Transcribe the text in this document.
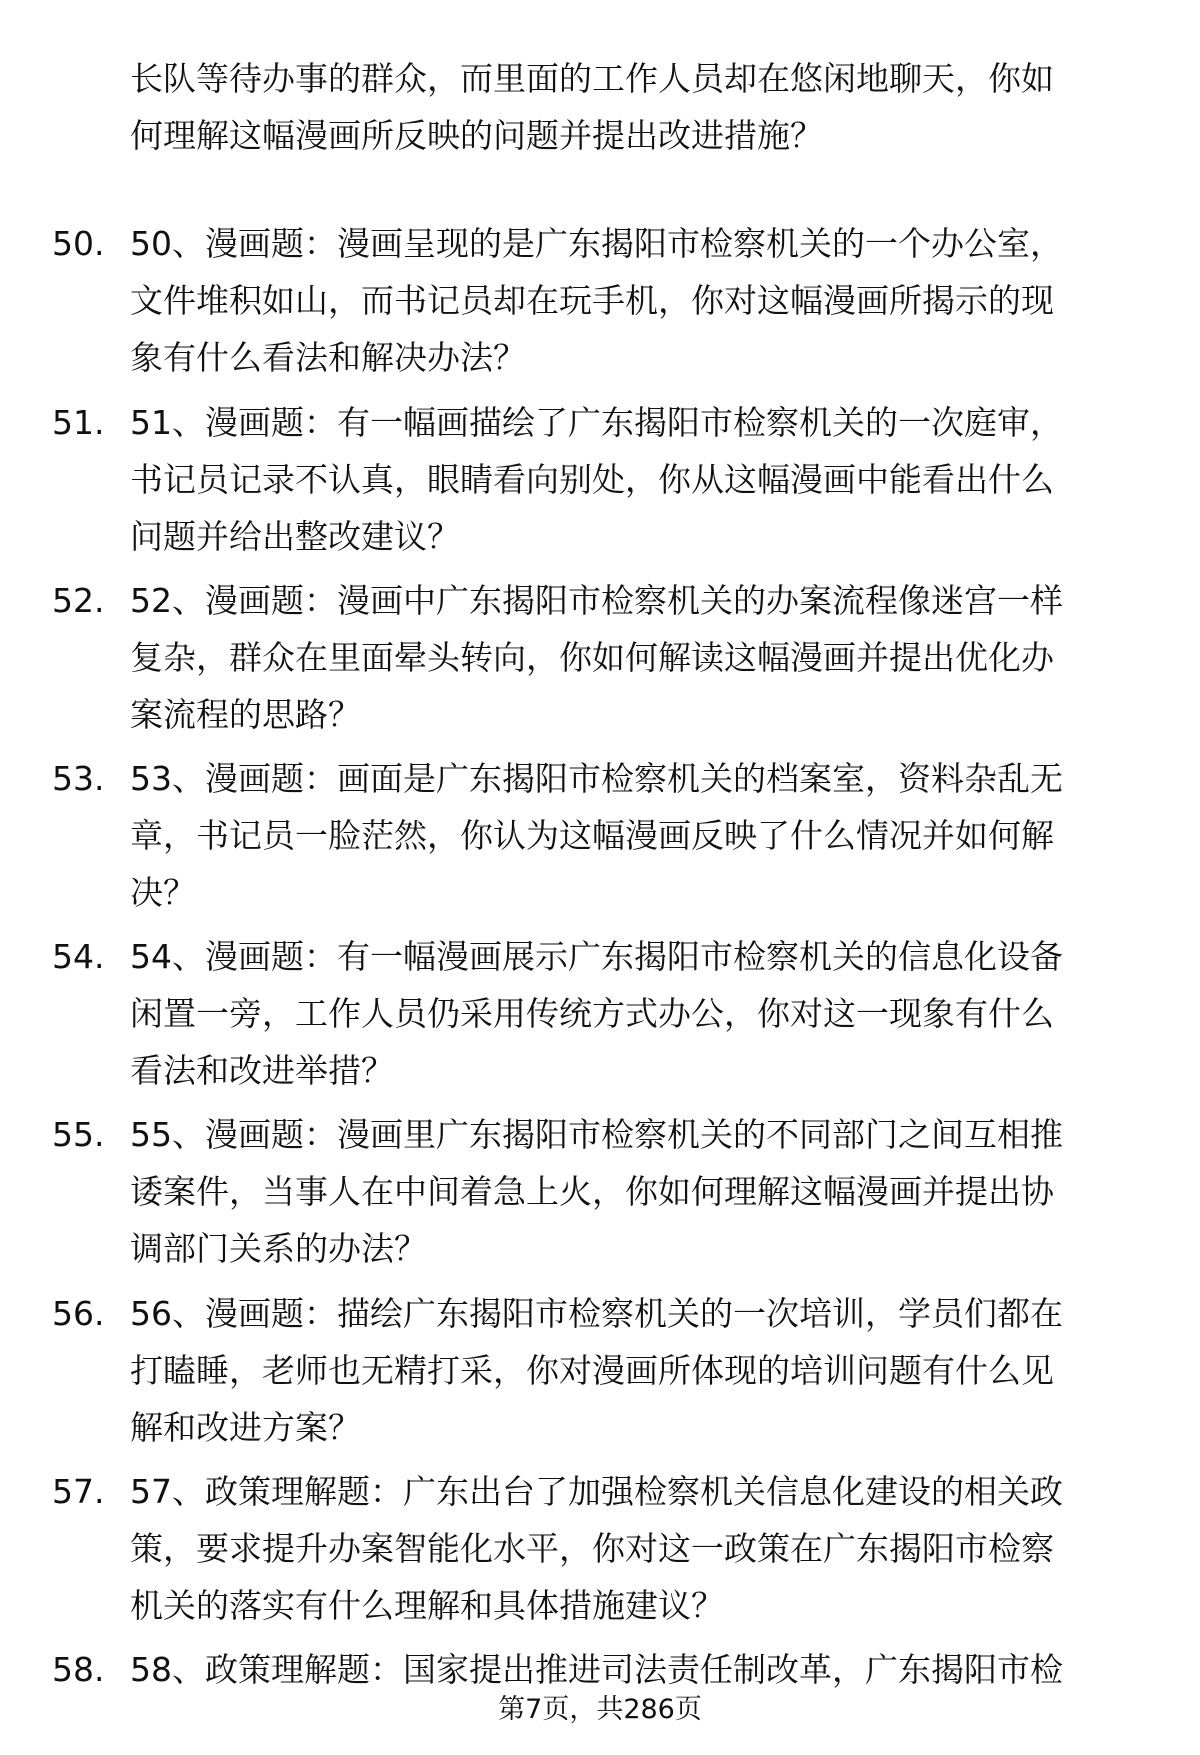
长队等待办事的群众，而里面的工作人员却在悠闲地聊天，你如
何理解这幅漫画所反映的问题并提出改进措施？
50. 50、漫画题：漫画呈现的是广东揭阳市检察机关的一个办公室，
文件堆积如山，而书记员却在玩手机，你对这幅漫画所揭示的现
象有什么看法和解决办法？
51. 51、漫画题：有一幅画描绘了广东揭阳市检察机关的一次庭审，
书记员记录不认真，眼睛看向别处，你从这幅漫画中能看出什么
问题并给出整改建议？
52. 52、漫画题：漫画中广东揭阳市检察机关的办案流程像迷宫一样
复杂，群众在里面晕头转向，你如何解读这幅漫画并提出优化办
案流程的思路？
53. 53、漫画题：画面是广东揭阳市检察机关的档案室，资料杂乱无
章，书记员一脸茫然，你认为这幅漫画反映了什么情况并如何解
决？
54. 54、漫画题：有一幅漫画展示广东揭阳市检察机关的信息化设备
闲置一旁，工作人员仍采用传统方式办公，你对这一现象有什么
看法和改进举措？
55. 55、漫画题：漫画里广东揭阳市检察机关的不同部门之间互相推
诿案件，当事人在中间着急上火，你如何理解这幅漫画并提出协
调部门关系的办法？
56. 56、漫画题：描绘广东揭阳市检察机关的一次培训，学员们都在
打瞌睡，老师也无精打采，你对漫画所体现的培训问题有什么见
解和改进方案？
57. 57、政策理解题：广东出台了加强检察机关信息化建设的相关政
策，要求提升办案智能化水平，你对这一政策在广东揭阳市检察
机关的落实有什么理解和具体措施建议？
58. 58、政策理解题：国家提出推进司法责任制改革，广东揭阳市检
第7页，共286页
